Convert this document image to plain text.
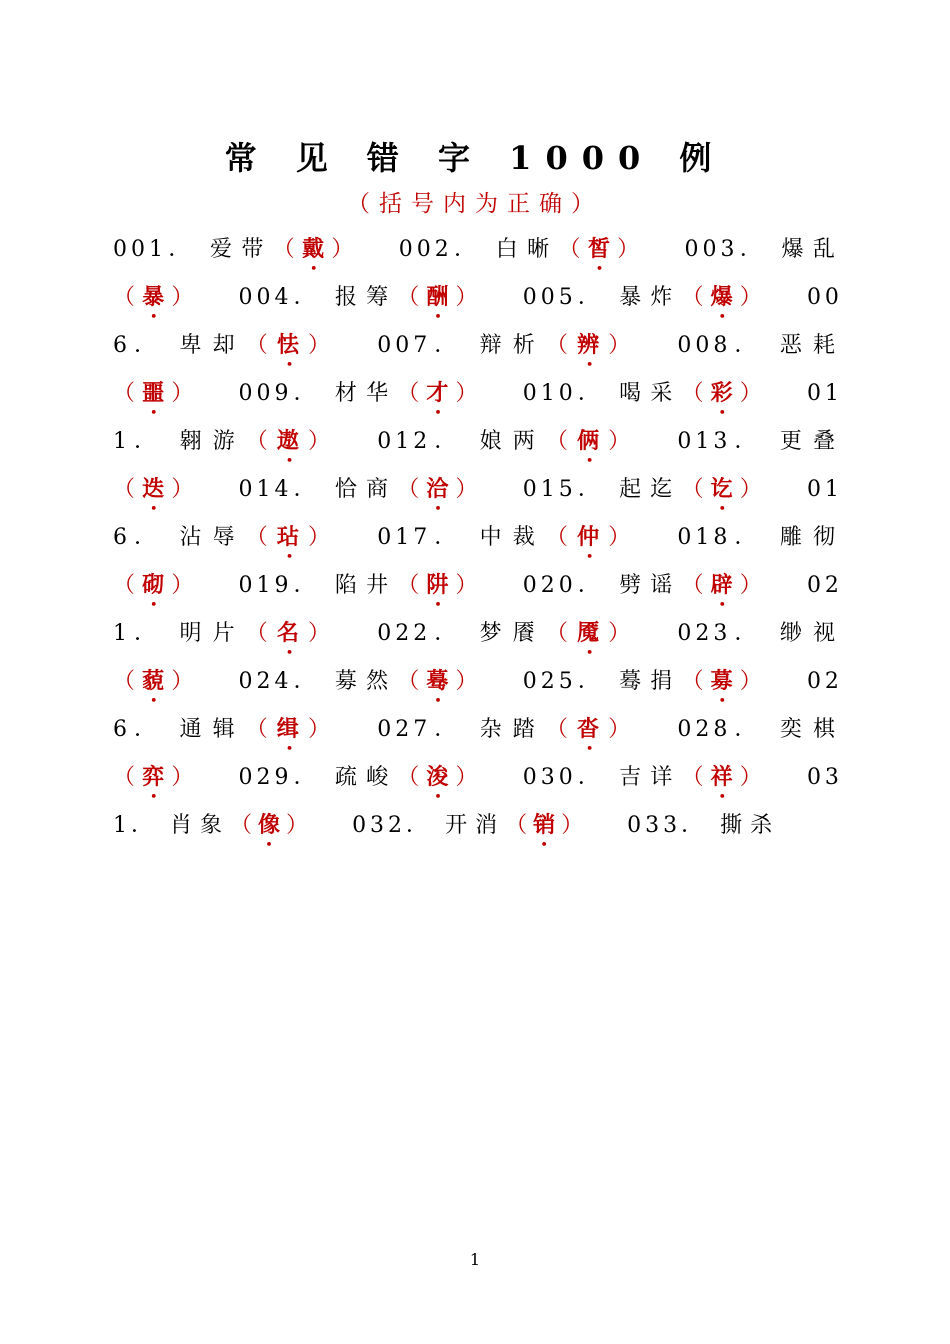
常 见 错 字 1000 例
（括号内为正确）
001． 爱带（戴） 002． 白晰（皙） 003． 爆乱（暴） 004． 报筹（酬） 005． 暴炸（爆） 006． 卑却（怯） 007． 辩析（辨） 008． 恶耗（噩） 009． 材华（才） 010． 喝采（彩） 011． 翱游（遨） 012． 娘两（俩） 013． 更叠（迭） 014． 恰商（洽） 015． 起迄（讫） 016． 沾辱（玷） 017． 中裁（仲） 018． 雕彻（砌） 019． 陷井（阱） 020． 劈谣（辟） 021． 明片（名） 022． 梦餍（魇） 023． 缈视（藐） 024． 募然（蓦） 025． 蓦捐（募） 026． 通辑（缉） 027． 杂踏（沓） 028． 奕棋（弈） 029． 疏峻（浚） 030． 吉详（祥） 031． 肖象（像） 032． 开消（销） 033． 撕杀
1
